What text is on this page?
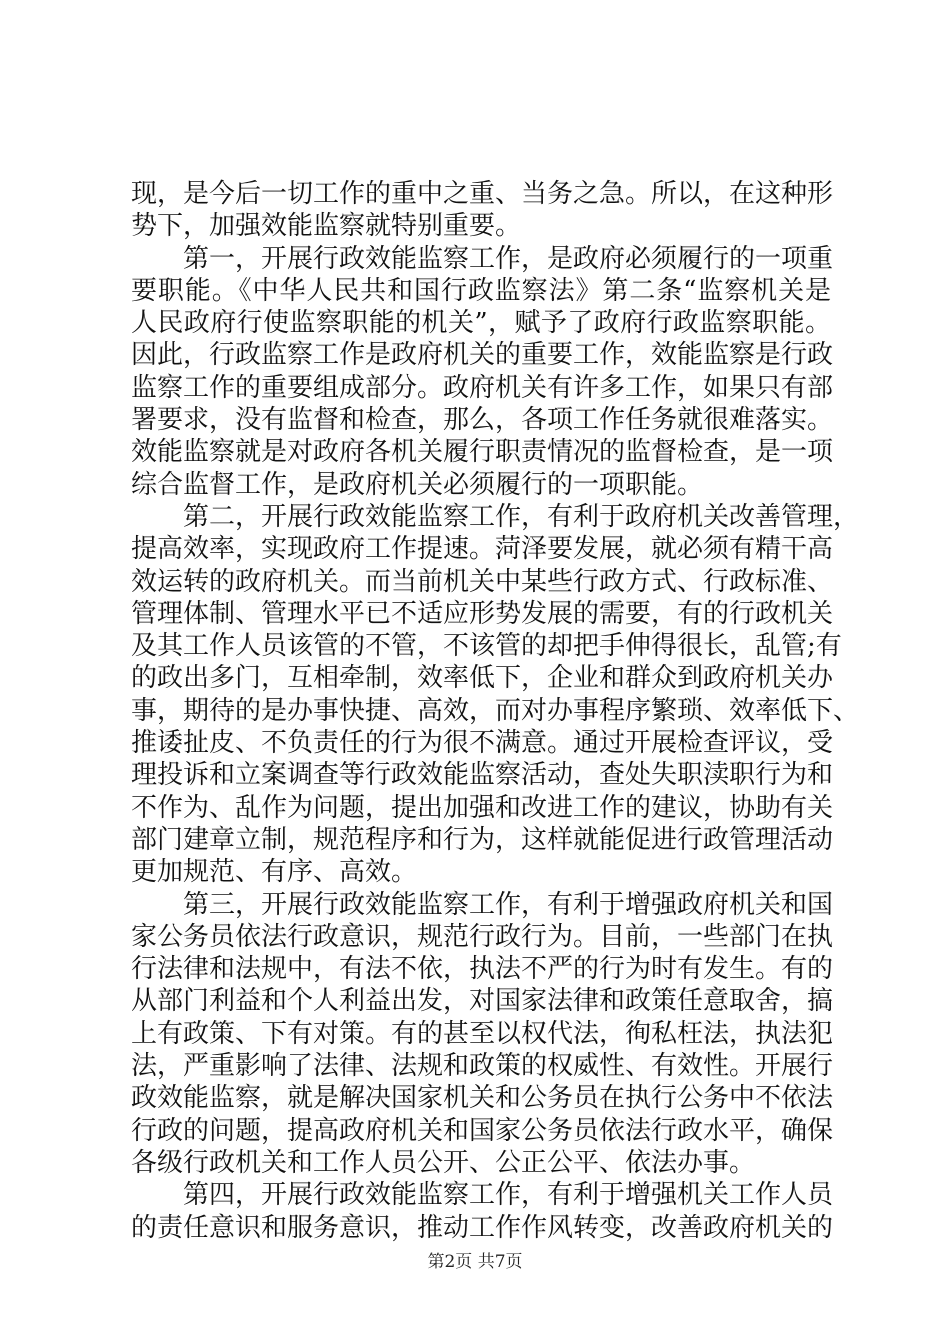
现，是今后一切工作的重中之重、当务之急。所以，在这种形
势下，加强效能监察就特别重要。
　　第一，开展行政效能监察工作，是政府必须履行的一项重
要职能。《中华人民共和国行政监察法》第二条“监察机关是
人民政府行使监察职能的机关”，赋予了政府行政监察职能。
因此，行政监察工作是政府机关的重要工作，效能监察是行政
监察工作的重要组成部分。政府机关有许多工作，如果只有部
署要求，没有监督和检查，那么，各项工作任务就很难落实。
效能监察就是对政府各机关履行职责情况的监督检查，是一项
综合监督工作，是政府机关必须履行的一项职能。
　　第二，开展行政效能监察工作，有利于政府机关改善管理，
提高效率，实现政府工作提速。菏泽要发展，就必须有精干高
效运转的政府机关。而当前机关中某些行政方式、行政标准、
管理体制、管理水平已不适应形势发展的需要，有的行政机关
及其工作人员该管的不管，不该管的却把手伸得很长，乱管;有
的政出多门，互相牵制，效率低下，企业和群众到政府机关办
事，期待的是办事快捷、高效，而对办事程序繁琐、效率低下、
推诿扯皮、不负责任的行为很不满意。通过开展检查评议，受
理投诉和立案调查等行政效能监察活动，查处失职渎职行为和
不作为、乱作为问题，提出加强和改进工作的建议，协助有关
部门建章立制，规范程序和行为，这样就能促进行政管理活动
更加规范、有序、高效。
　　第三，开展行政效能监察工作，有利于增强政府机关和国
家公务员依法行政意识，规范行政行为。目前，一些部门在执
行法律和法规中，有法不依，执法不严的行为时有发生。有的
从部门利益和个人利益出发，对国家法律和政策任意取舍，搞
上有政策、下有对策。有的甚至以权代法，徇私枉法，执法犯
法，严重影响了法律、法规和政策的权威性、有效性。开展行
政效能监察，就是解决国家机关和公务员在执行公务中不依法
行政的问题，提高政府机关和国家公务员依法行政水平，确保
各级行政机关和工作人员公开、公正公平、依法办事。
　　第四，开展行政效能监察工作，有利于增强机关工作人员
的责任意识和服务意识，推动工作作风转变，改善政府机关的
第2页 共7页
